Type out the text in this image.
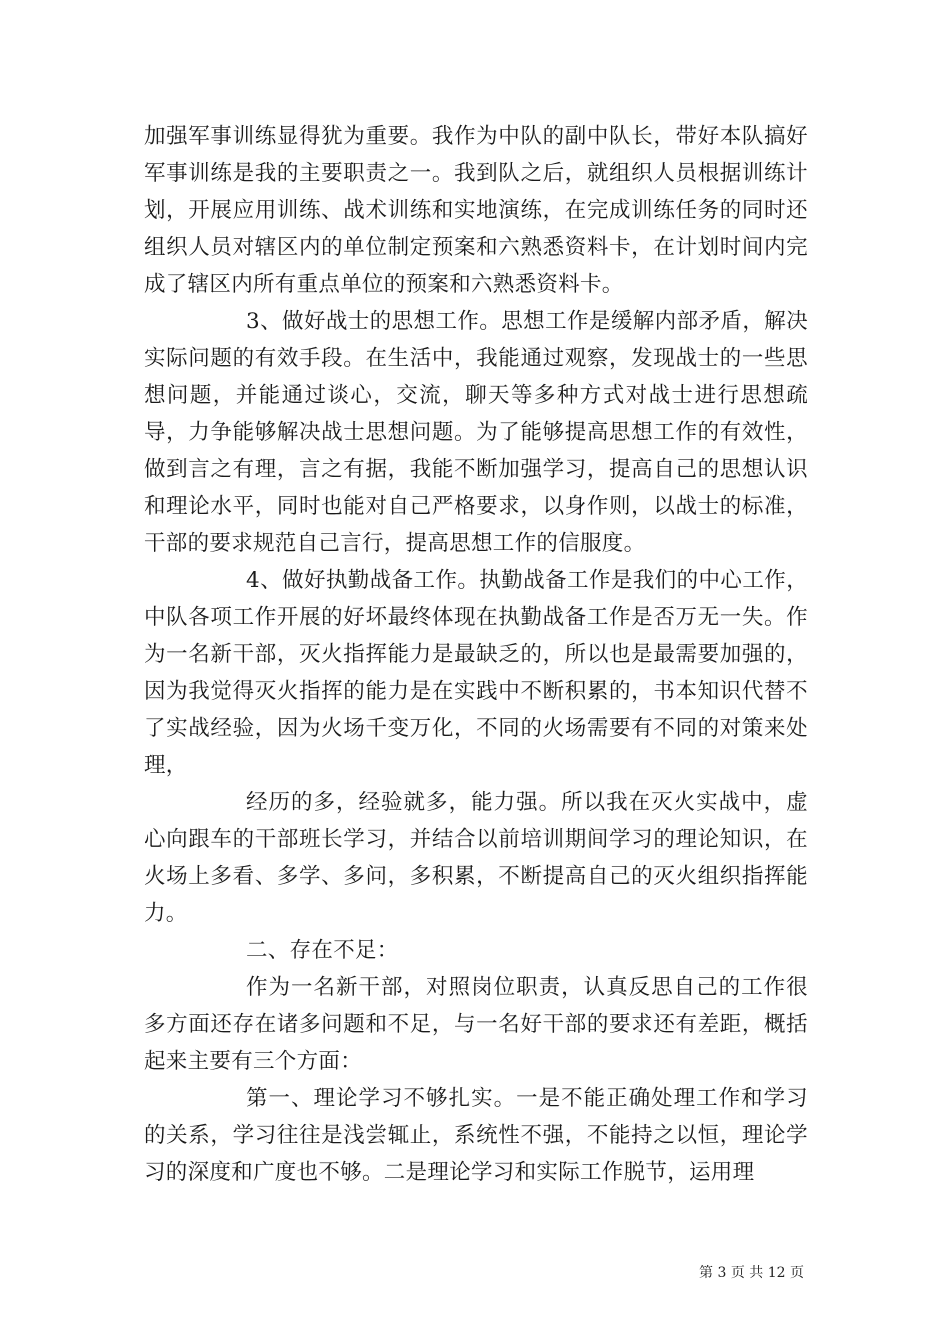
加强军事训练显得犹为重要。我作为中队的副中队长，带好本队搞好军事训练是我的主要职责之一。我到队之后，就组织人员根据训练计划，开展应用训练、战术训练和实地演练，在完成训练任务的同时还组织人员对辖区内的单位制定预案和六熟悉资料卡，在计划时间内完成了辖区内所有重点单位的预案和六熟悉资料卡。

3、做好战士的思想工作。思想工作是缓解内部矛盾，解决实际问题的有效手段。在生活中，我能通过观察，发现战士的一些思想问题，并能通过谈心，交流，聊天等多种方式对战士进行思想疏导，力争能够解决战士思想问题。为了能够提高思想工作的有效性，做到言之有理，言之有据，我能不断加强学习，提高自己的思想认识和理论水平，同时也能对自己严格要求，以身作则，以战士的标准，干部的要求规范自己言行，提高思想工作的信服度。

4、做好执勤战备工作。执勤战备工作是我们的中心工作，中队各项工作开展的好坏最终体现在执勤战备工作是否万无一失。作为一名新干部，灭火指挥能力是最缺乏的，所以也是最需要加强的，因为我觉得灭火指挥的能力是在实践中不断积累的，书本知识代替不了实战经验，因为火场千变万化，不同的火场需要有不同的对策来处理，

经历的多，经验就多，能力强。所以我在灭火实战中，虚心向跟车的干部班长学习，并结合以前培训期间学习的理论知识，在火场上多看、多学、多问，多积累，不断提高自己的灭火组织指挥能力。

二、存在不足：

作为一名新干部，对照岗位职责，认真反思自己的工作很多方面还存在诸多问题和不足，与一名好干部的要求还有差距，概括起来主要有三个方面：

第一、理论学习不够扎实。一是不能正确处理工作和学习的关系，学习往往是浅尝辄止，系统性不强，不能持之以恒，理论学习的深度和广度也不够。二是理论学习和实际工作脱节，运用理

第 3 页 共 12 页
